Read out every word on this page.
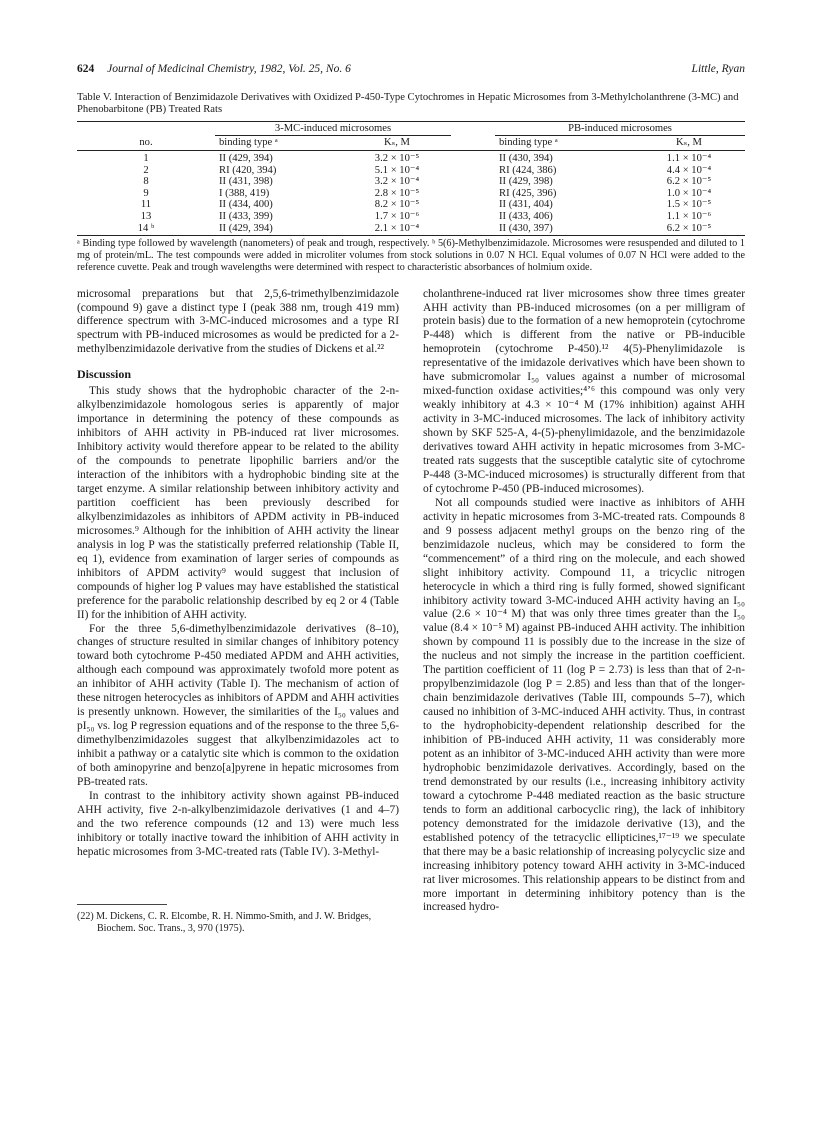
624 Journal of Medicinal Chemistry, 1982, Vol. 25, No. 6	Little, Ryan
Table V. Interaction of Benzimidazole Derivatives with Oxidized P-450-Type Cytochromes in Hepatic Microsomes from 3-Methylcholanthrene (3-MC) and Phenobarbitone (PB) Treated Rats
	3-MC-induced microsomes			PB-induced microsomes	
no.	binding type ᵃ	Kₛ, M		binding type ᵃ	Kₛ, M
1	II (429, 394)	3.2 × 10⁻⁵		II (430, 394)	1.1 × 10⁻⁴
2	RI (420, 394)	5.1 × 10⁻⁴		RI (424, 386)	4.4 × 10⁻⁴
8	II (431, 398)	3.2 × 10⁻⁴		II (429, 398)	6.2 × 10⁻⁵
9	I (388, 419)	2.8 × 10⁻⁵		RI (425, 396)	1.0 × 10⁻⁴
11	II (434, 400)	8.2 × 10⁻⁵		II (431, 404)	1.5 × 10⁻⁵
13	II (433, 399)	1.7 × 10⁻⁶		II (433, 406)	1.1 × 10⁻⁶
14 ᵇ	II (429, 394)	2.1 × 10⁻⁴		II (430, 397)	6.2 × 10⁻⁵
ᵃ Binding type followed by wavelength (nanometers) of peak and trough, respectively. ᵇ 5(6)-Methylbenzimidazole. Microsomes were resuspended and diluted to 1 mg of protein/mL. The test compounds were added in microliter volumes from stock solutions in 0.07 N HCl. Equal volumes of 0.07 N HCl were added to the reference cuvette. Peak and trough wavelengths were determined with respect to characteristic absorbances of holmium oxide.

microsomal preparations but that 2,5,6-trimethylbenzimidazole (compound 9) gave a distinct type I (peak 388 nm, trough 419 mm) difference spectrum with 3-MC-induced microsomes and a type RI spectrum with PB-induced microsomes as would be predicted for a 2-methylbenzimidazole derivative from the studies of Dickens et al.²²

Discussion

This study shows that the hydrophobic character of the 2-n-alkylbenzimidazole homologous series is apparently of major importance in determining the potency of these compounds as inhibitors of AHH activity in PB-induced rat liver microsomes. Inhibitory activity would therefore appear to be related to the ability of the compounds to penetrate lipophilic barriers and/or the interaction of the inhibitors with a hydrophobic binding site at the target enzyme. A similar relationship between inhibitory activity and partition coefficient has been previously described for alkylbenzimidazoles as inhibitors of APDM activity in PB-induced microsomes.⁹ Although for the inhibition of AHH activity the linear analysis in log P was the statistically preferred relationship (Table II, eq 1), evidence from examination of larger series of compounds as inhibitors of APDM activity⁹ would suggest that inclusion of compounds of higher log P values may have established the statistical preference for the parabolic relationship described by eq 2 or 4 (Table II) for the inhibition of AHH activity.

For the three 5,6-dimethylbenzimidazole derivatives (8–10), changes of structure resulted in similar changes of inhibitory potency toward both cytochrome P-450 mediated APDM and AHH activities, although each compound was approximately twofold more potent as an inhibitor of AHH activity (Table I). The mechanism of action of these nitrogen heterocycles as inhibitors of APDM and AHH activities is presently unknown. However, the similarities of the I₅₀ values and pI₅₀ vs. log P regression equations and of the response to the three 5,6-dimethylbenzimidazoles suggest that alkylbenzimidazoles act to inhibit a pathway or a catalytic site which is common to the oxidation of both aminopyrine and benzo[a]pyrene in hepatic microsomes from PB-treated rats.

In contrast to the inhibitory activity shown against PB-induced AHH activity, five 2-n-alkylbenzimidazole derivatives (1 and 4–7) and the two reference compounds (12 and 13) were much less inhibitory or totally inactive toward the inhibition of AHH activity in hepatic microsomes from 3-MC-treated rats (Table IV). 3-Methyl-

(22) M. Dickens, C. R. Elcombe, R. H. Nimmo-Smith, and J. W. Bridges, Biochem. Soc. Trans., 3, 970 (1975).

cholanthrene-induced rat liver microsomes show three times greater AHH activity than PB-induced microsomes (on a per milligram of protein basis) due to the formation of a new hemoprotein (cytochrome P-448) which is different from the native or PB-inducible hemoprotein (cytochrome P-450).¹² 4(5)-Phenylimidazole is representative of the imidazole derivatives which have been shown to have submicromolar I₅₀ values against a number of microsomal mixed-function oxidase activities;⁴ʼ⁶ this compound was only very weakly inhibitory at 4.3 × 10⁻⁴ M (17% inhibition) against AHH activity in 3-MC-induced microsomes. The lack of inhibitory activity shown by SKF 525-A, 4-(5)-phenylimidazole, and the benzimidazole derivatives toward AHH activity in hepatic microsomes from 3-MC-treated rats suggests that the susceptible catalytic site of cytochrome P-448 (3-MC-induced microsomes) is structurally different from that of cytochrome P-450 (PB-induced microsomes).

Not all compounds studied were inactive as inhibitors of AHH activity in hepatic microsomes from 3-MC-treated rats. Compounds 8 and 9 possess adjacent methyl groups on the benzo ring of the benzimidazole nucleus, which may be considered to form the “commencement” of a third ring on the molecule, and each showed slight inhibitory activity. Compound 11, a tricyclic nitrogen heterocycle in which a third ring is fully formed, showed significant inhibitory activity toward 3-MC-induced AHH activity having an I₅₀ value (2.6 × 10⁻⁴ M) that was only three times greater than the I₅₀ value (8.4 × 10⁻⁵ M) against PB-induced AHH activity. The inhibition shown by compound 11 is possibly due to the increase in the size of the nucleus and not simply the increase in the partition coefficient. The partition coefficient of 11 (log P = 2.73) is less than that of 2-n-propylbenzimidazole (log P = 2.85) and less than that of the longer-chain benzimidazole derivatives (Table III, compounds 5–7), which caused no inhibition of 3-MC-induced AHH activity. Thus, in contrast to the hydrophobicity-dependent relationship described for the inhibition of PB-induced AHH activity, 11 was considerably more potent as an inhibitor of 3-MC-induced AHH activity than were more hydrophobic benzimidazole derivatives. Accordingly, based on the trend demonstrated by our results (i.e., increasing inhibitory activity toward a cytochrome P-448 mediated reaction as the basic structure tends to form an additional carbocyclic ring), the lack of inhibitory potency demonstrated for the imidazole derivative (13), and the established potency of the tetracyclic ellipticines,¹⁷⁻¹⁹ we speculate that there may be a basic relationship of increasing polycyclic size and increasing inhibitory potency toward AHH activity in 3-MC-induced rat liver microsomes. This relationship appears to be distinct from and more important in determining inhibitory potency than is the increased hydro-
